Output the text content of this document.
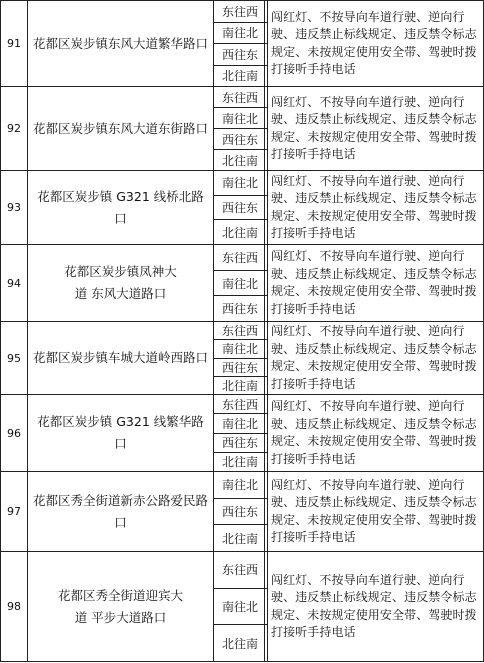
91 花都区炭步镇东风大道繁华路口
东往西
南往北
西往东
北往南
闯红灯、不按导向车道行驶、逆向行驶、违反禁止标线规定、违反禁令标志规定、未按规定使用安全带、驾驶时拨打接听手持电话
92 花都区炭步镇东风大道东街路口
东往西
南往北
西往东
北往南
闯红灯、不按导向车道行驶、逆向行驶、违反禁止标线规定、违反禁令标志规定、未按规定使用安全带、驾驶时拨打接听手持电话
93
花都区炭步镇 G321 线桥北路口
南往北
西往东
北往南
闯红灯、不按导向车道行驶、逆向行驶、违反禁止标线规定、违反禁令标志规定、未按规定使用安全带、驾驶时拨打接听手持电话
94
花都区炭步镇凤神大道 东风大道路口
东往西
南往北
西往东
闯红灯、不按导向车道行驶、逆向行驶、违反禁止标线规定、违反禁令标志规定、未按规定使用安全带、驾驶时拨打接听手持电话
95 花都区炭步镇车城大道岭西路口
东往西
南往北
西往东
北往南
闯红灯、不按导向车道行驶、逆向行驶、违反禁止标线规定、违反禁令标志规定、未按规定使用安全带、驾驶时拨打接听手持电话
96
花都区炭步镇 G321 线繁华路口
东往西
南往北
西往东
北往南
闯红灯、不按导向车道行驶、逆向行驶、违反禁止标线规定、违反禁令标志规定、未按规定使用安全带、驾驶时拨打接听手持电话
97
花都区秀全街道新赤公路爱民路口
南往北
西往东
北往南
闯红灯、不按导向车道行驶、逆向行驶、违反禁止标线规定、违反禁令标志规定、未按规定使用安全带、驾驶时拨打接听手持电话
98
花都区秀全街道迎宾大道 平步大道路口
东往西
南往北
北往南
闯红灯、不按导向车道行驶、逆向行驶、违反禁止标线规定、违反禁令标志规定、未按规定使用安全带、驾驶时拨打接听手持电话
